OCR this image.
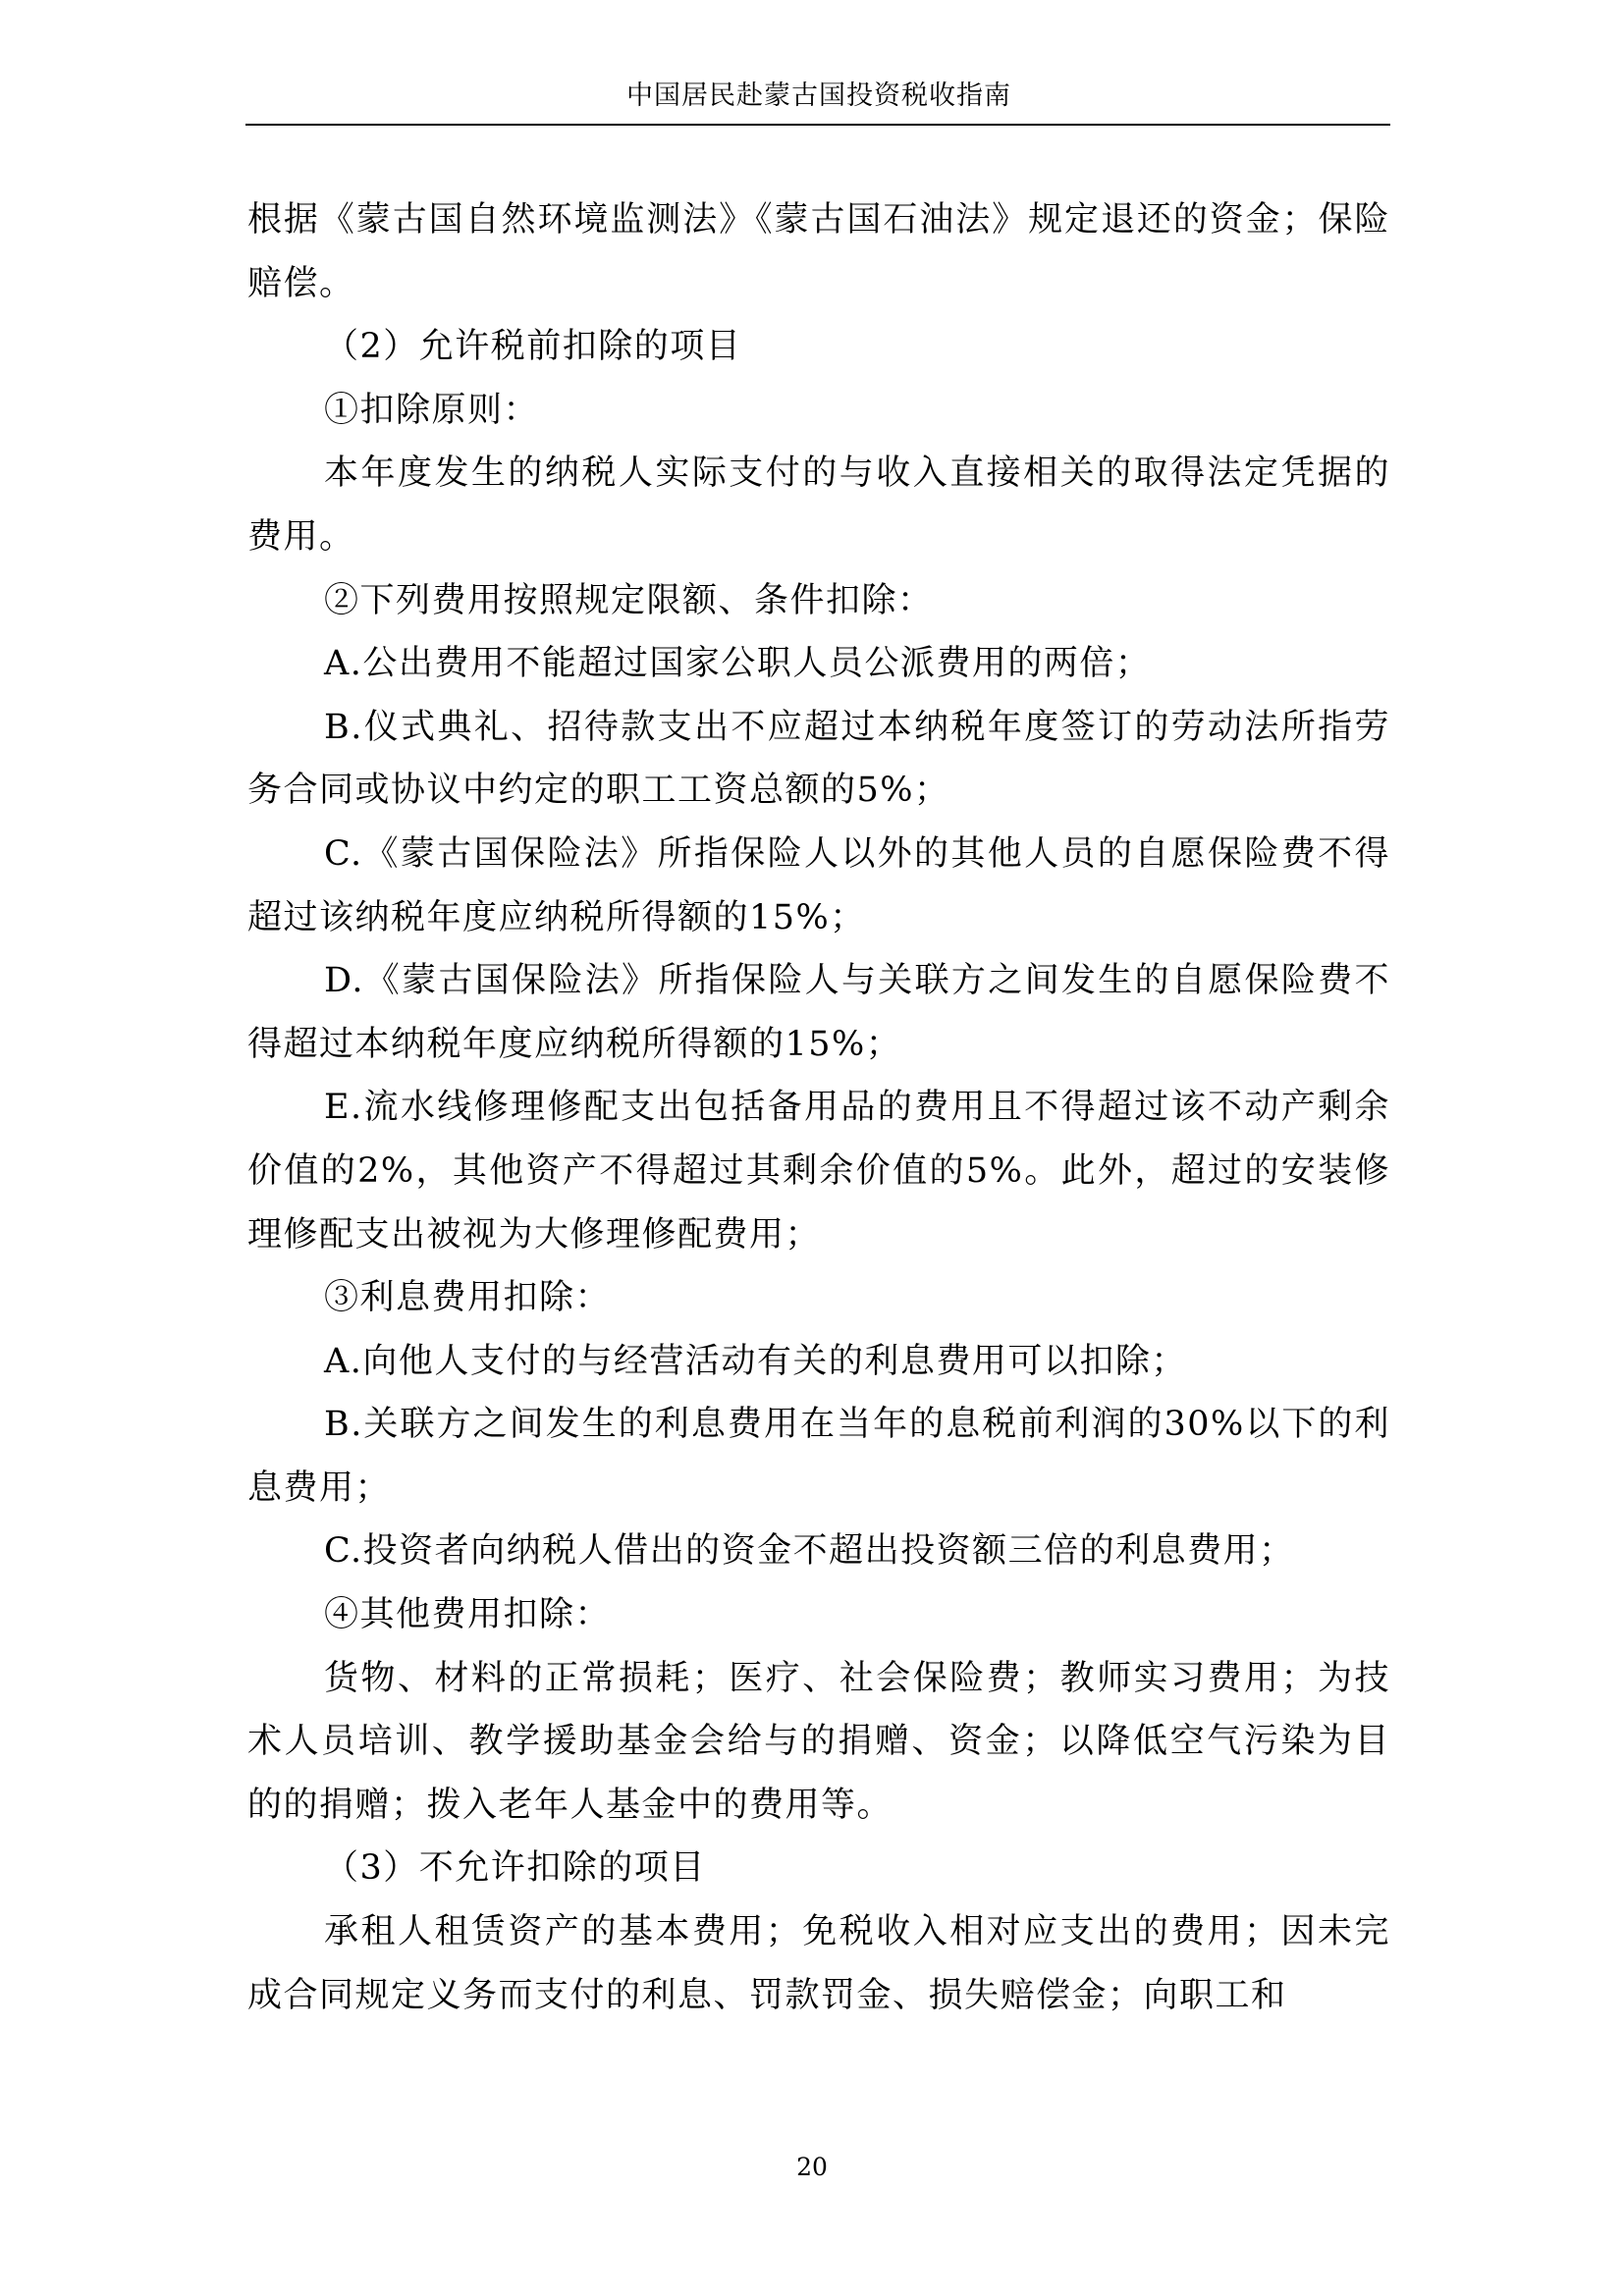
中国居民赴蒙古国投资税收指南

根据《蒙古国自然环境监测法》《蒙古国石油法》规定退还的资金；保险赔偿。

（2）允许税前扣除的项目

①扣除原则：

本年度发生的纳税人实际支付的与收入直接相关的取得法定凭据的费用。

②下列费用按照规定限额、条件扣除：

A.公出费用不能超过国家公职人员公派费用的两倍；

B.仪式典礼、招待款支出不应超过本纳税年度签订的劳动法所指劳务合同或协议中约定的职工工资总额的5%；

C.《蒙古国保险法》所指保险人以外的其他人员的自愿保险费不得超过该纳税年度应纳税所得额的15%；

D.《蒙古国保险法》所指保险人与关联方之间发生的自愿保险费不得超过本纳税年度应纳税所得额的15%；

E.流水线修理修配支出包括备用品的费用且不得超过该不动产剩余价值的2%，其他资产不得超过其剩余价值的5%。此外，超过的安装修理修配支出被视为大修理修配费用；

③利息费用扣除：

A.向他人支付的与经营活动有关的利息费用可以扣除；

B.关联方之间发生的利息费用在当年的息税前利润的30%以下的利息费用；

C.投资者向纳税人借出的资金不超出投资额三倍的利息费用；

④其他费用扣除：

货物、材料的正常损耗；医疗、社会保险费；教师实习费用；为技术人员培训、教学援助基金会给与的捐赠、资金；以降低空气污染为目的的捐赠；拨入老年人基金中的费用等。

（3）不允许扣除的项目

承租人租赁资产的基本费用；免税收入相对应支出的费用；因未完成合同规定义务而支付的利息、罚款罚金、损失赔偿金；向职工和

20
